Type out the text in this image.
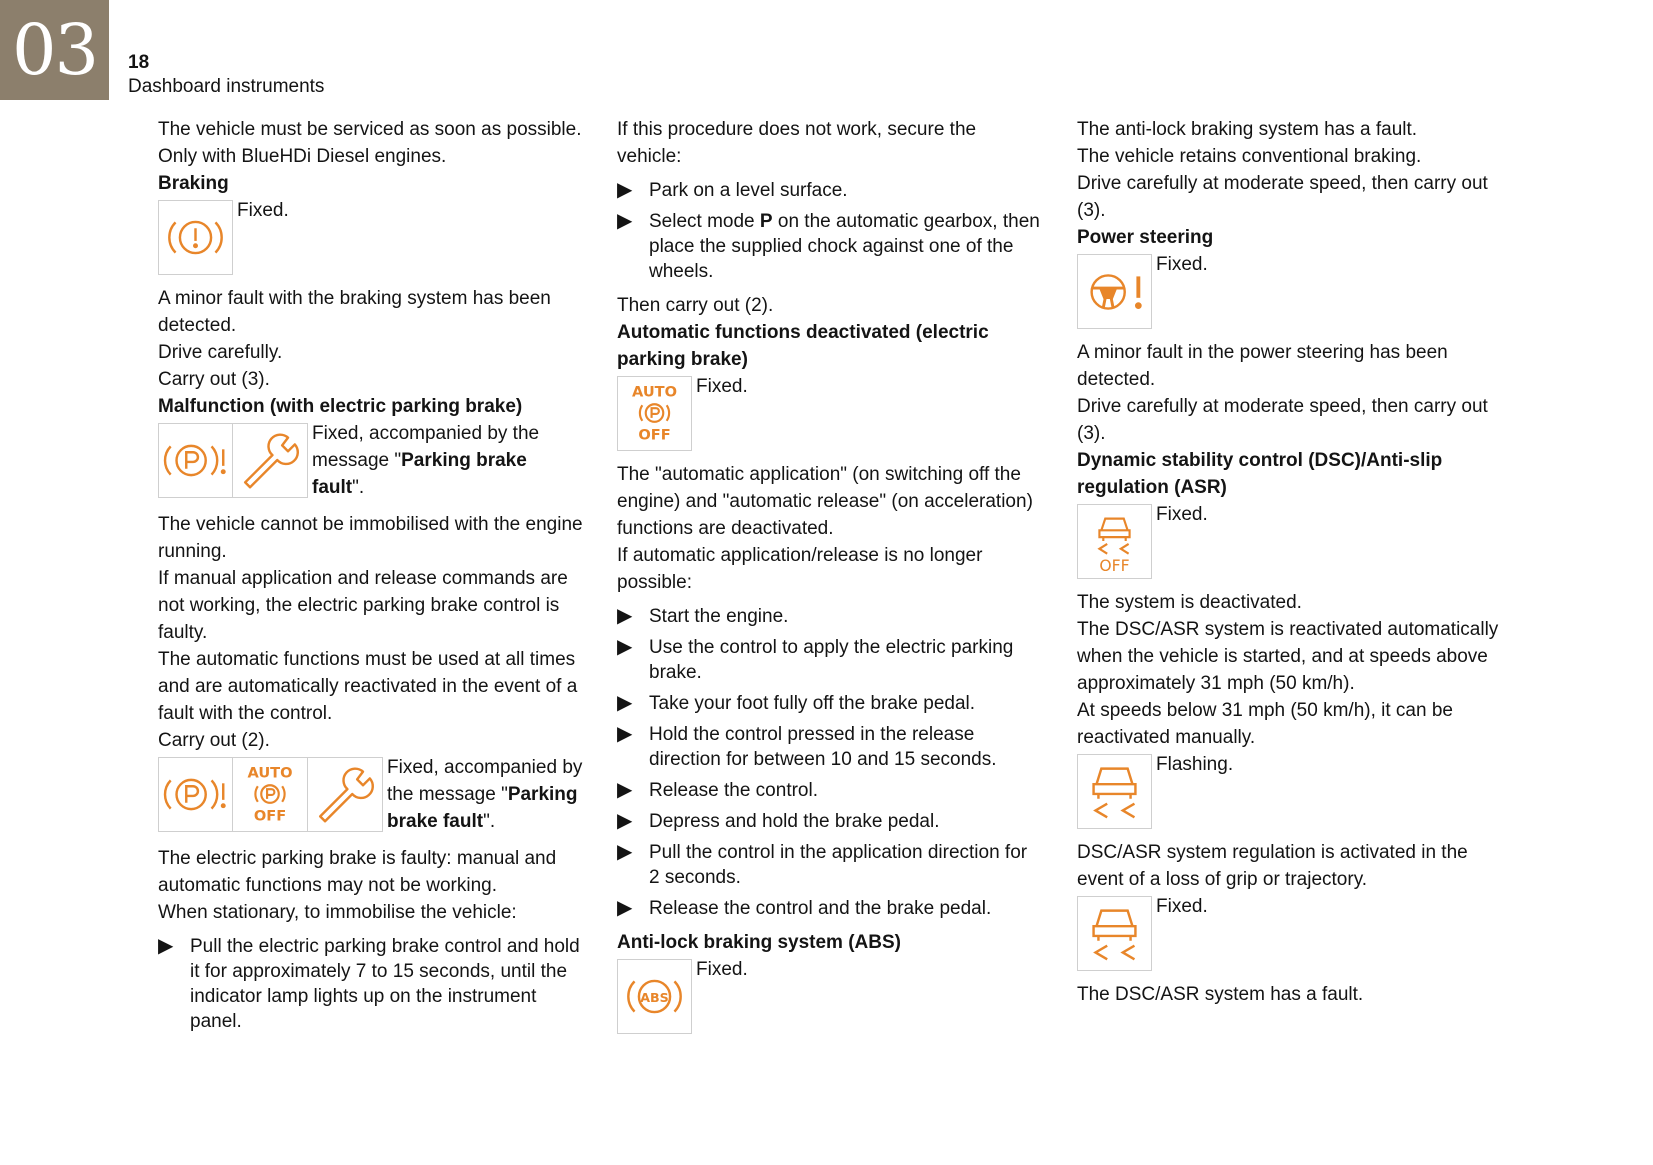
03	18
Dashboard instruments

The vehicle must be serviced as soon as possible.

Only with BlueHDi Diesel engines.

Braking

Fixed.

A minor fault with the braking system has been detected.

Drive carefully.

Carry out (3).

Malfunction (with electric parking brake)

Fixed, accompanied by the message "Parking brake fault".

The vehicle cannot be immobilised with the engine running.

If manual application and release commands are not working, the electric parking brake control is faulty.

The automatic functions must be used at all times and are automatically reactivated in the event of a fault with the control.

Carry out (2).

AUTO
OFF
Fixed, accompanied by the message "Parking brake fault".

The electric parking brake is faulty: manual and automatic functions may not be working.

When stationary, to immobilise the vehicle:

▶ Pull the electric parking brake control and hold it for approximately 7 to 15 seconds, until the indicator lamp lights up on the instrument panel.

If this procedure does not work, secure the vehicle:

▶ Park on a level surface.
▶ Select mode P on the automatic gearbox, then place the supplied chock against one of the wheels.

Then carry out (2).

Automatic functions deactivated (electric parking brake)

AUTO
OFF
Fixed.

The "automatic application" (on switching off the engine) and "automatic release" (on acceleration) functions are deactivated.

If automatic application/release is no longer possible:

▶ Start the engine.
▶ Use the control to apply the electric parking brake.
▶ Take your foot fully off the brake pedal.
▶ Hold the control pressed in the release direction for between 10 and 15 seconds.
▶ Release the control.
▶ Depress and hold the brake pedal.
▶ Pull the control in the application direction for 2 seconds.
▶ Release the control and the brake pedal.

Anti-lock braking system (ABS)

ABS
Fixed.

The anti-lock braking system has a fault.

The vehicle retains conventional braking.

Drive carefully at moderate speed, then carry out (3).

Power steering

Fixed.

A minor fault in the power steering has been detected.

Drive carefully at moderate speed, then carry out (3).

Dynamic stability control (DSC)/Anti-slip regulation (ASR)

OFF
Fixed.

The system is deactivated.

The DSC/ASR system is reactivated automatically when the vehicle is started, and at speeds above approximately 31 mph (50 km/h).

At speeds below 31 mph (50 km/h), it can be reactivated manually.

Flashing.

DSC/ASR system regulation is activated in the event of a loss of grip or trajectory.

Fixed.

The DSC/ASR system has a fault.
